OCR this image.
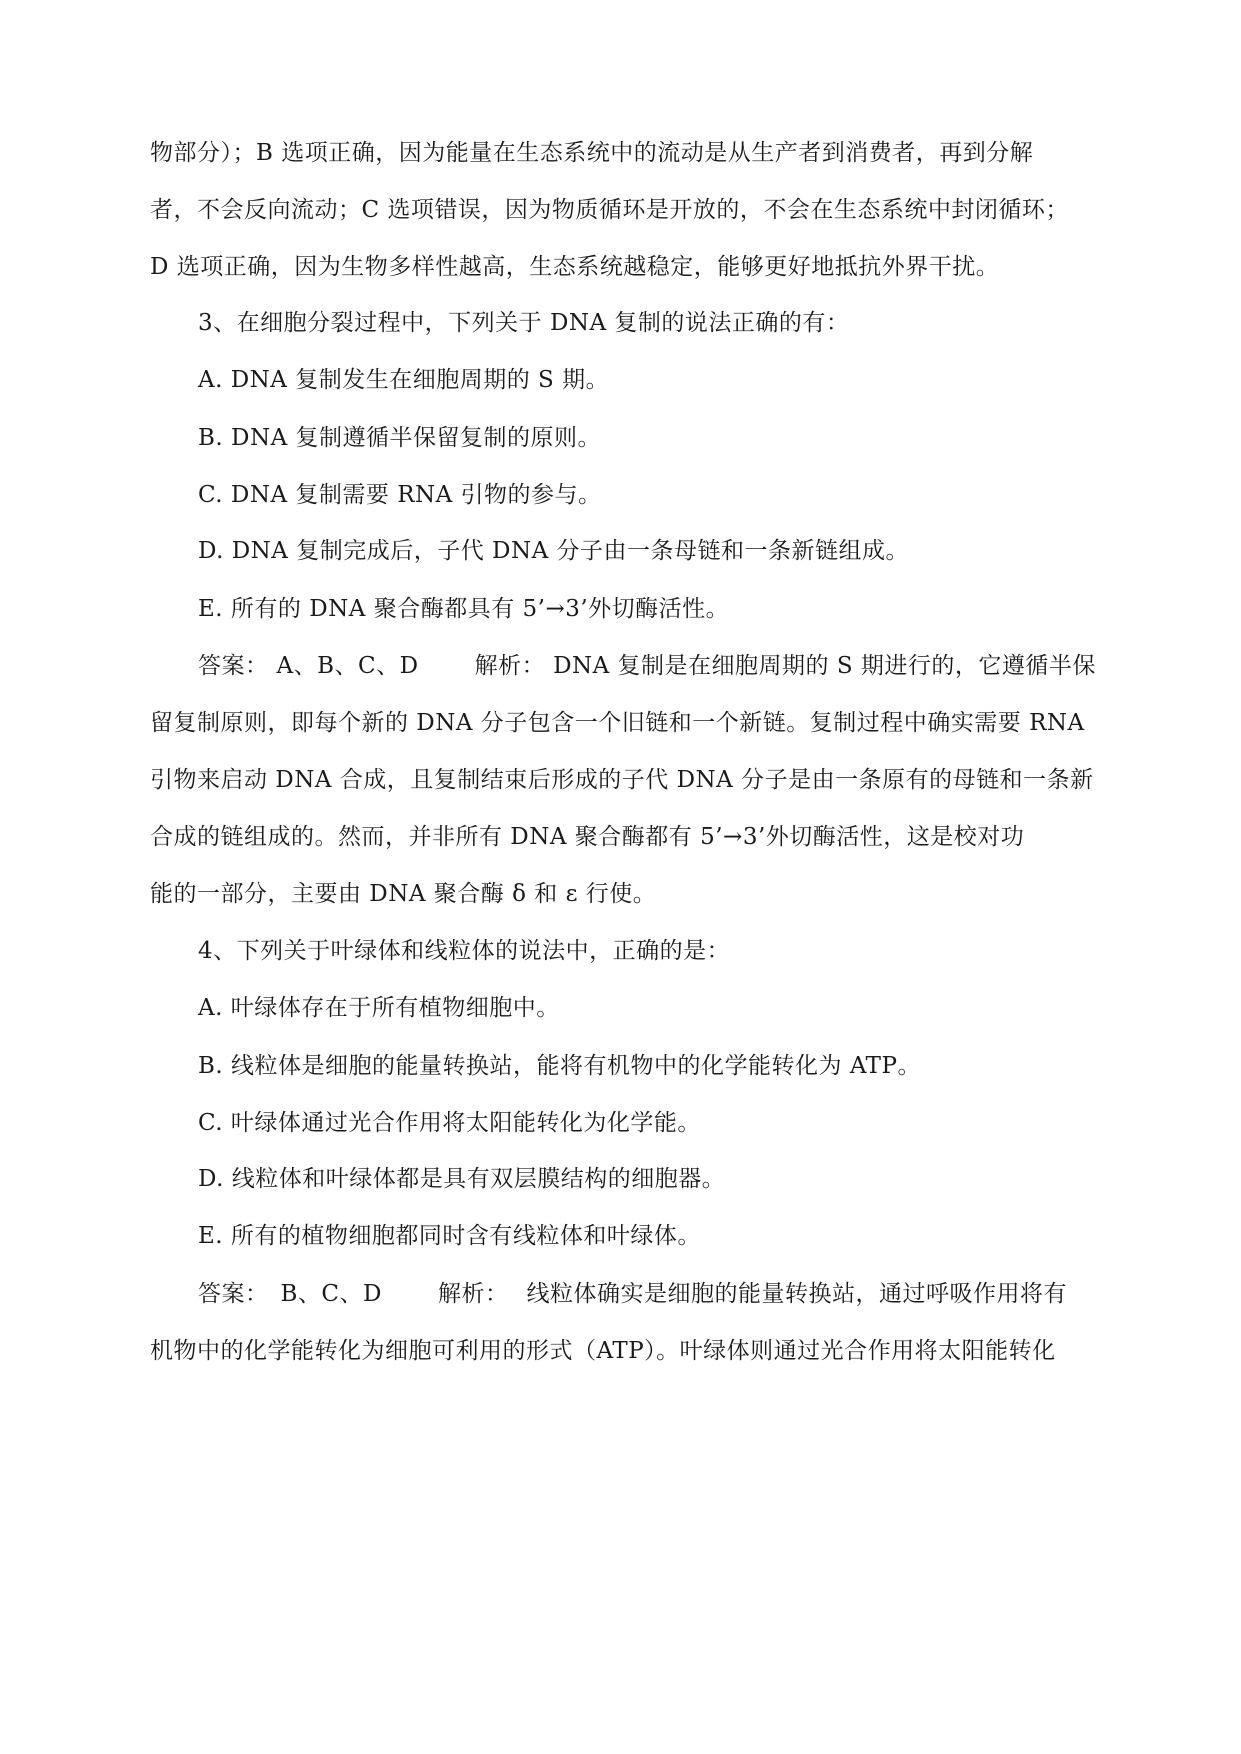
物部分）；B 选项正确，因为能量在生态系统中的流动是从生产者到消费者，再到分解
者，不会反向流动；C 选项错误，因为物质循环是开放的，不会在生态系统中封闭循环；
D 选项正确，因为生物多样性越高，生态系统越稳定，能够更好地抵抗外界干扰。
3、在细胞分裂过程中，下列关于 DNA 复制的说法正确的有：
A. DNA 复制发生在细胞周期的 S 期。
B. DNA 复制遵循半保留复制的原则。
C. DNA 复制需要 RNA 引物的参与。
D. DNA 复制完成后，子代 DNA 分子由一条母链和一条新链组成。
E. 所有的 DNA 聚合酶都具有 5’→3’外切酶活性。
答案： A、B、C、D 解析： DNA 复制是在细胞周期的 S 期进行的，它遵循半保
留复制原则，即每个新的 DNA 分子包含一个旧链和一个新链。复制过程中确实需要 RNA
引物来启动 DNA 合成，且复制结束后形成的子代 DNA 分子是由一条原有的母链和一条新
合成的链组成的。然而，并非所有 DNA 聚合酶都有 5’→3’外切酶活性，这是校对功
能的一部分，主要由 DNA 聚合酶 δ 和 ε 行使。
4、下列关于叶绿体和线粒体的说法中，正确的是：
A. 叶绿体存在于所有植物细胞中。
B. 线粒体是细胞的能量转换站，能将有机物中的化学能转化为 ATP。
C. 叶绿体通过光合作用将太阳能转化为化学能。
D. 线粒体和叶绿体都是具有双层膜结构的细胞器。
E. 所有的植物细胞都同时含有线粒体和叶绿体。
答案： B、C、D 解析： 线粒体确实是细胞的能量转换站，通过呼吸作用将有
机物中的化学能转化为细胞可利用的形式（ATP）。叶绿体则通过光合作用将太阳能转化
